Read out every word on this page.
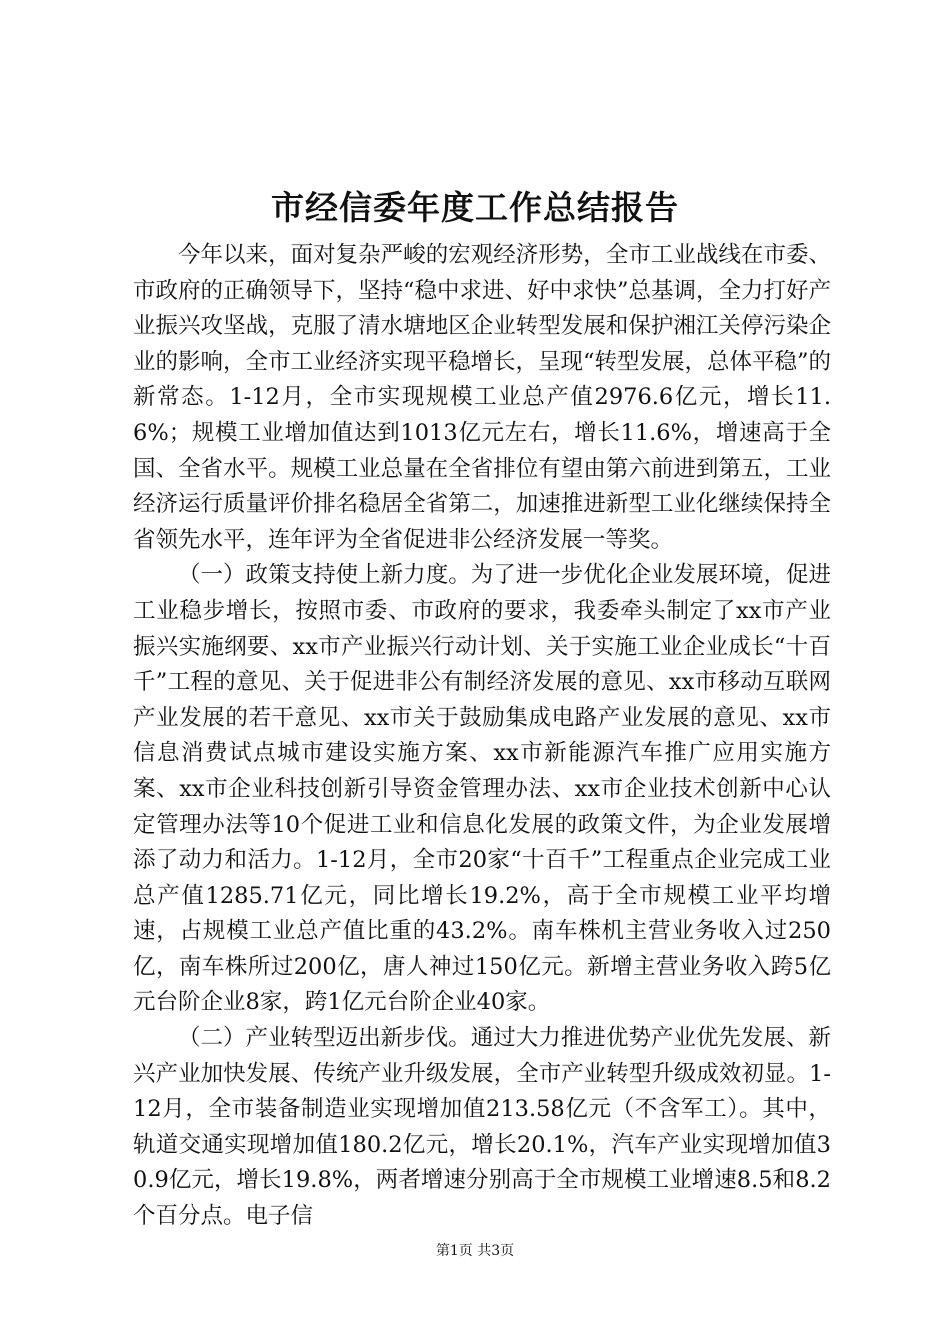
市经信委年度工作总结报告

今年以来，面对复杂严峻的宏观经济形势，全市工业战线在市委、市政府的正确领导下，坚持“稳中求进、好中求快”总基调，全力打好产业振兴攻坚战，克服了清水塘地区企业转型发展和保护湘江关停污染企业的影响，全市工业经济实现平稳增长，呈现“转型发展，总体平稳”的新常态。1-12月，全市实现规模工业总产值2976.6亿元，增长11.6%；规模工业增加值达到1013亿元左右，增长11.6%，增速高于全国、全省水平。规模工业总量在全省排位有望由第六前进到第五，工业经济运行质量评价排名稳居全省第二，加速推进新型工业化继续保持全省领先水平，连年评为全省促进非公经济发展一等奖。

（一）政策支持使上新力度。为了进一步优化企业发展环境，促进工业稳步增长，按照市委、市政府的要求，我委牵头制定了xx市产业振兴实施纲要、xx市产业振兴行动计划、关于实施工业企业成长“十百千”工程的意见、关于促进非公有制经济发展的意见、xx市移动互联网产业发展的若干意见、xx市关于鼓励集成电路产业发展的意见、xx市信息消费试点城市建设实施方案、xx市新能源汽车推广应用实施方案、xx市企业科技创新引导资金管理办法、xx市企业技术创新中心认定管理办法等10个促进工业和信息化发展的政策文件，为企业发展增添了动力和活力。1-12月，全市20家“十百千”工程重点企业完成工业总产值1285.71亿元，同比增长19.2%，高于全市规模工业平均增速，占规模工业总产值比重的43.2%。南车株机主营业务收入过250亿，南车株所过200亿，唐人神过150亿元。新增主营业务收入跨5亿元台阶企业8家，跨1亿元台阶企业40家。

（二）产业转型迈出新步伐。通过大力推进优势产业优先发展、新兴产业加快发展、传统产业升级发展，全市产业转型升级成效初显。1-12月，全市装备制造业实现增加值213.58亿元（不含军工）。其中，轨道交通实现增加值180.2亿元，增长20.1%，汽车产业实现增加值30.9亿元，增长19.8%，两者增速分别高于全市规模工业增速8.5和8.2个百分点。电子信

第1页 共3页
